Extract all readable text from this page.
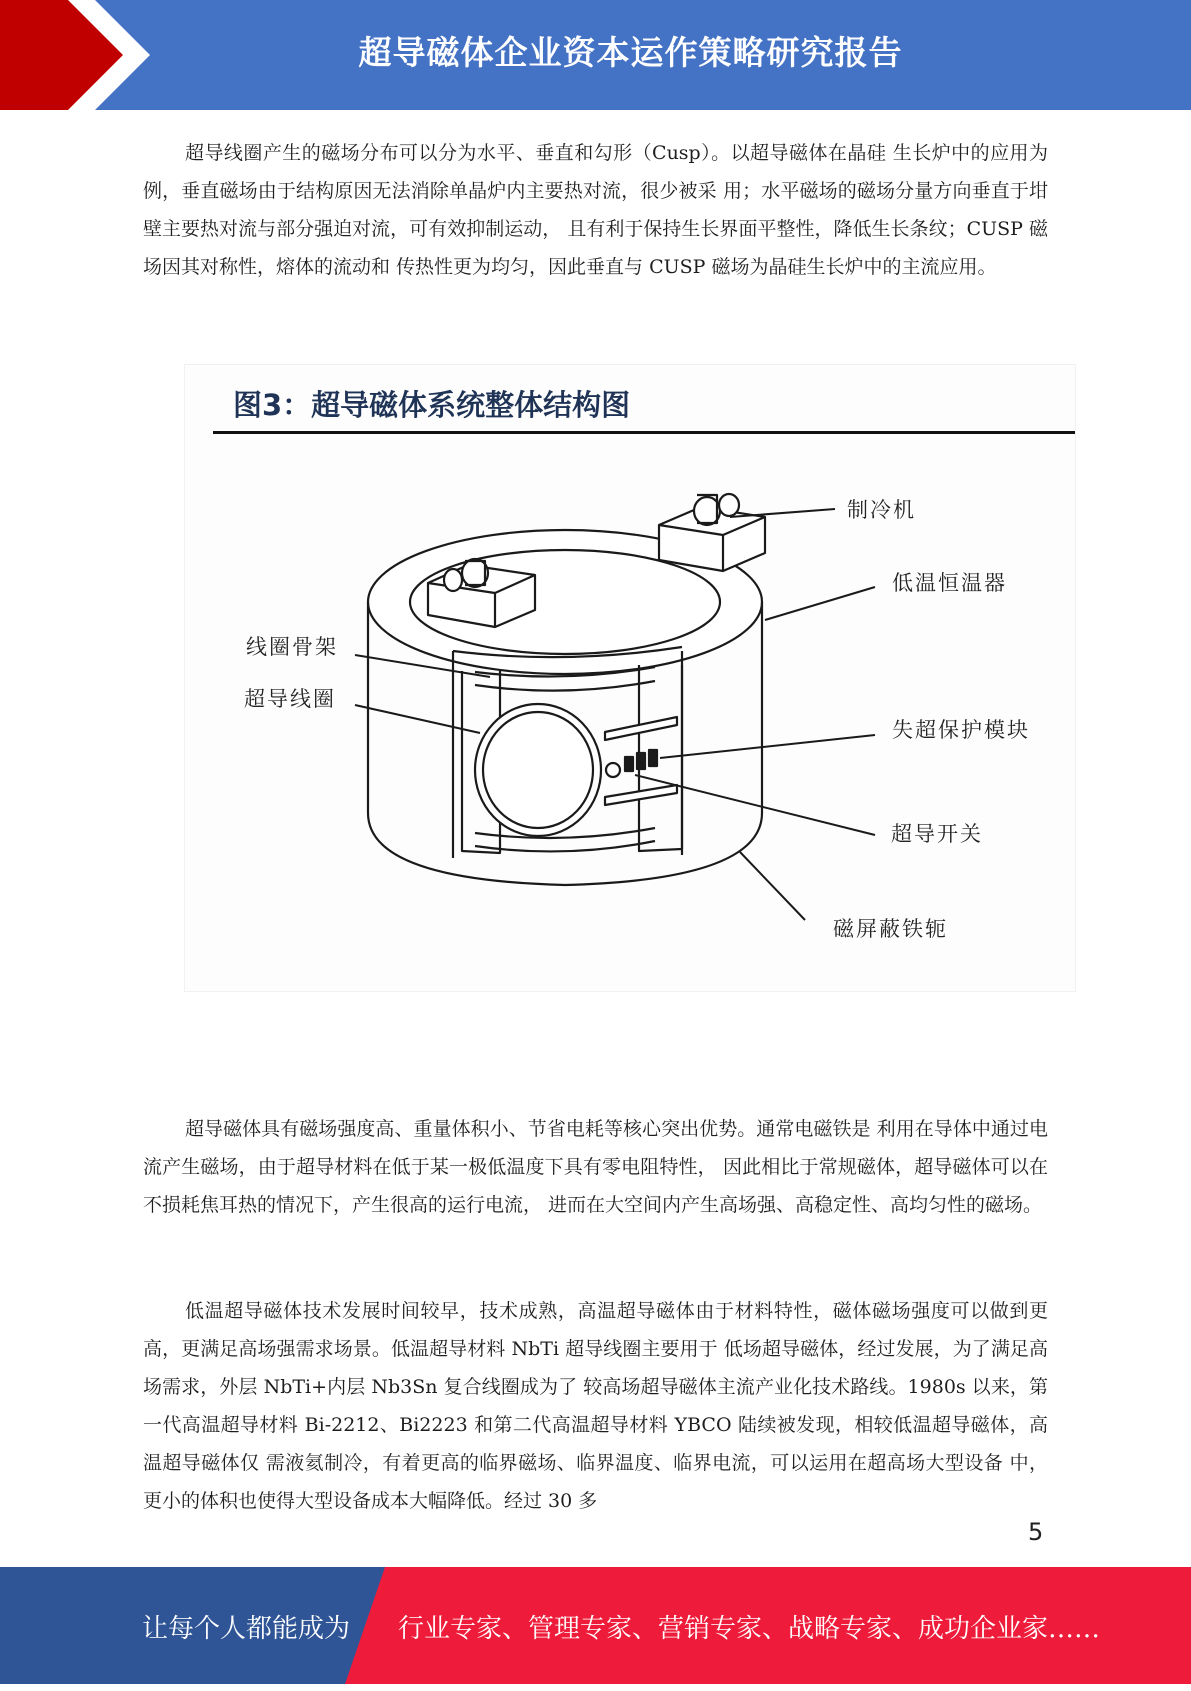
超导磁体企业资本运作策略研究报告

超导线圈产生的磁场分布可以分为水平、垂直和勾形（Cusp）。以超导磁体在晶硅 生长炉中的应用为例，垂直磁场由于结构原因无法消除单晶炉内主要热对流，很少被采 用；水平磁场的磁场分量方向垂直于坩壁主要热对流与部分强迫对流，可有效抑制运动， 且有利于保持生长界面平整性，降低生长条纹；CUSP 磁场因其对称性，熔体的流动和 传热性更为均匀，因此垂直与 CUSP 磁场为晶硅生长炉中的主流应用。

图3：超导磁体系统整体结构图
制冷机
低温恒温器
线圈骨架
超导线圈
失超保护模块
超导开关
磁屏蔽铁轭

超导磁体具有磁场强度高、重量体积小、节省电耗等核心突出优势。通常电磁铁是 利用在导体中通过电流产生磁场，由于超导材料在低于某一极低温度下具有零电阻特性， 因此相比于常规磁体，超导磁体可以在不损耗焦耳热的情况下，产生很高的运行电流， 进而在大空间内产生高场强、高稳定性、高均匀性的磁场。

低温超导磁体技术发展时间较早，技术成熟，高温超导磁体由于材料特性，磁体磁场强度可以做到更高，更满足高场强需求场景。低温超导材料 NbTi 超导线圈主要用于 低场超导磁体，经过发展，为了满足高场需求，外层 NbTi+内层 Nb3Sn 复合线圈成为了 较高场超导磁体主流产业化技术路线。1980s 以来，第一代高温超导材料 Bi-2212、Bi2223 和第二代高温超导材料 YBCO 陆续被发现，相较低温超导磁体，高温超导磁体仅 需液氦制冷，有着更高的临界磁场、临界温度、临界电流，可以运用在超高场大型设备 中，更小的体积也使得大型设备成本大幅降低。经过 30 多

5
让每个人都能成为 行业专家、管理专家、营销专家、战略专家、成功企业家……
